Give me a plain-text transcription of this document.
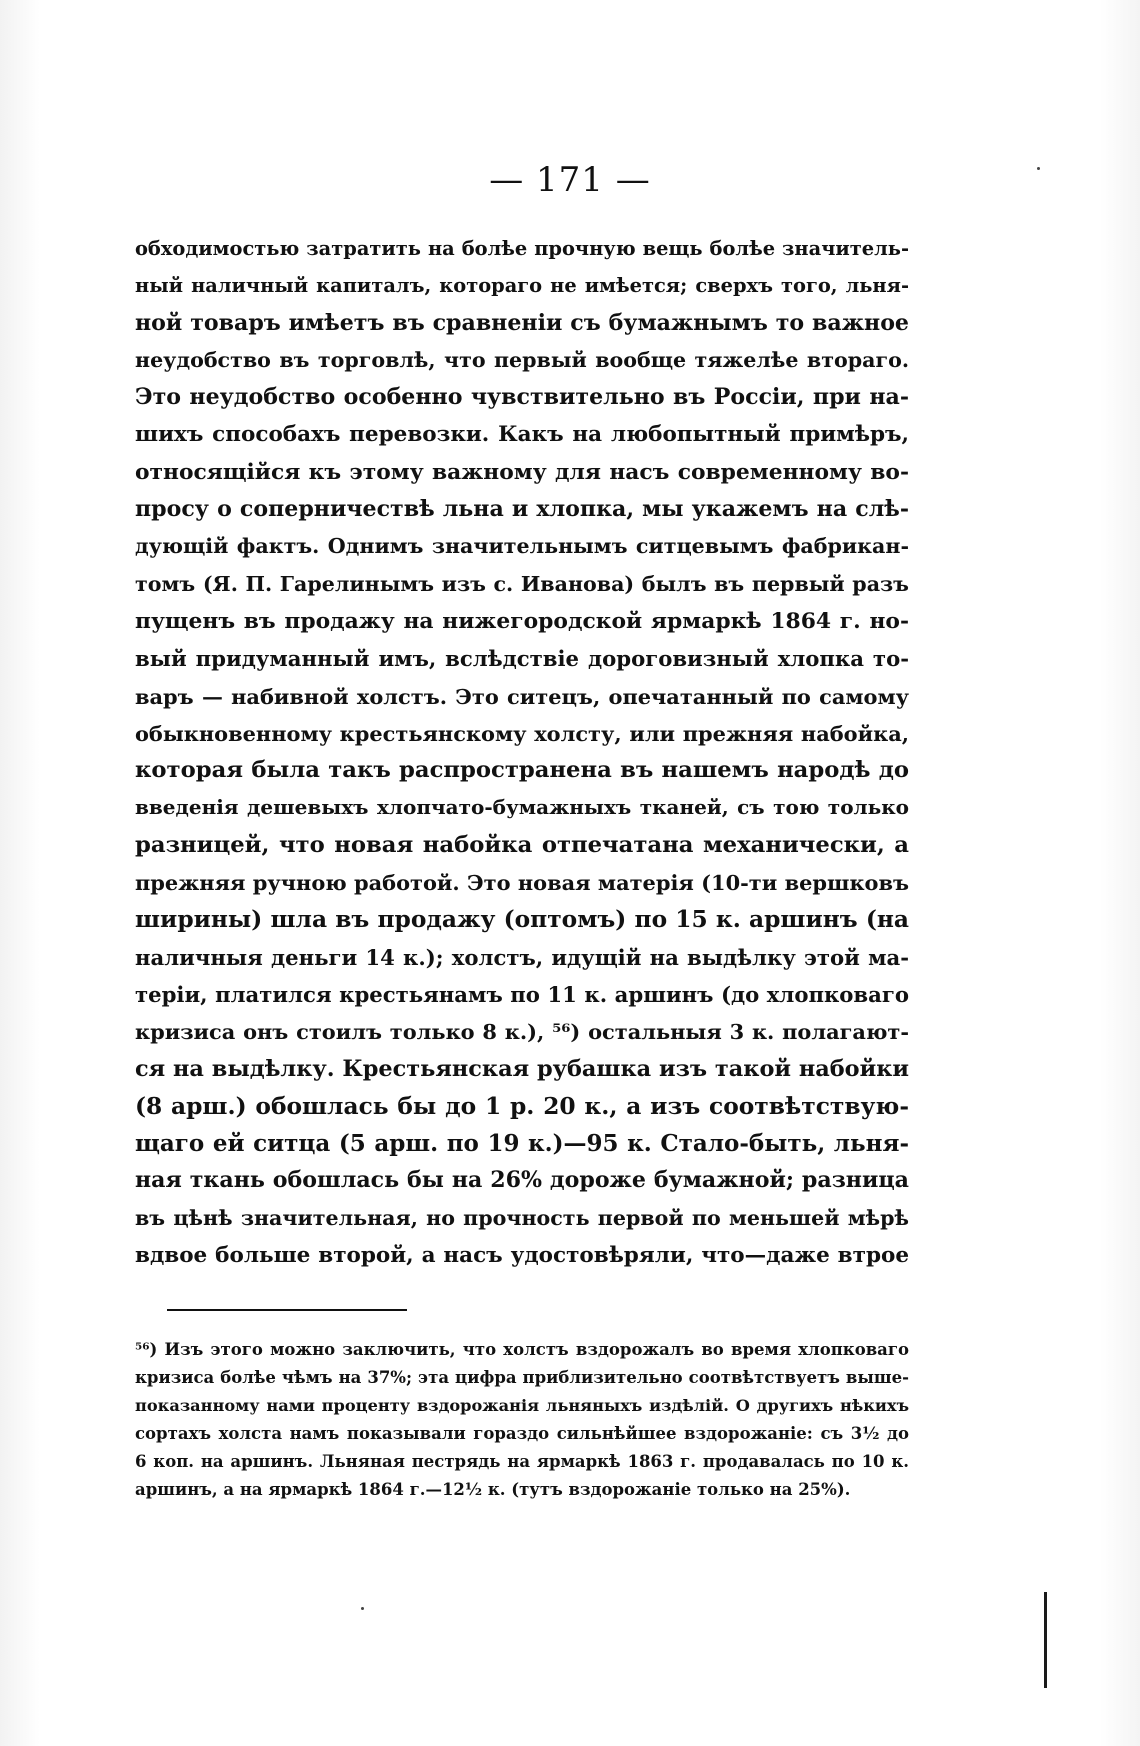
— 171 —
обходимостью затратить на болѣе прочную вещь болѣе значитель-
ный наличный капиталъ, котораго не имѣется; сверхъ того, льня-
ной товаръ имѣетъ въ сравненіи съ бумажнымъ то важное
неудобство въ торговлѣ, что первый вообще тяжелѣе втораго.
Это неудобство особенно чувствительно въ Россіи, при на-
шихъ способахъ перевозки. Какъ на любопытный примѣръ,
относящійся къ этому важному для насъ современному во-
просу о соперничествѣ льна и хлопка, мы укажемъ на слѣ-
дующій фактъ. Однимъ значительнымъ ситцевымъ фабрикан-
томъ (Я. П. Гарелинымъ изъ с. Иванова) былъ въ первый разъ
пущенъ въ продажу на нижегородской ярмаркѣ 1864 г. но-
вый придуманный имъ, вслѣдствіе дороговизный хлопка то-
варъ — набивной холстъ. Это ситецъ, опечатанный по самому
обыкновенному крестьянскому холсту, или прежняя набойка,
которая была такъ распространена въ нашемъ народѣ до
введенія дешевыхъ хлопчато-бумажныхъ тканей, съ тою только
разницей, что новая набойка отпечатана механически, а
прежняя ручною работой. Это новая матерія (10-ти вершковъ
ширины) шла въ продажу (оптомъ) по 15 к. аршинъ (на
наличныя деньги 14 к.); холстъ, идущій на выдѣлку этой ма-
теріи, платился крестьянамъ по 11 к. аршинъ (до хлопковаго
кризиса онъ стоилъ только 8 к.), ⁵⁶) остальныя 3 к. полагают-
ся на выдѣлку. Крестьянская рубашка изъ такой набойки
(8 арш.) обошлась бы до 1 р. 20 к., а изъ соотвѣтствую-
щаго ей ситца (5 арш. по 19 к.)—95 к. Стало-быть, льня-
ная ткань обошлась бы на 26% дороже бумажной; разница
въ цѣнѣ значительная, но прочность первой по меньшей мѣрѣ
вдвое больше второй, а насъ удостовѣряли, что—даже втрое
⁵⁶) Изъ этого можно заключить, что холстъ вздорожалъ во время хлопковаго
кризиса болѣе чѣмъ на 37%; эта цифра приблизительно соотвѣтствуетъ выше-
показанному нами проценту вздорожанія льняныхъ издѣлій. О другихъ нѣкихъ
сортахъ холста намъ показывали гораздо сильнѣйшее вздорожаніе: съ 3½ до
6 коп. на аршинъ. Льняная пестрядь на ярмаркѣ 1863 г. продавалась по 10 к.
аршинъ, а на ярмаркѣ 1864 г.—12½ к. (тутъ вздорожаніе только на 25%).
